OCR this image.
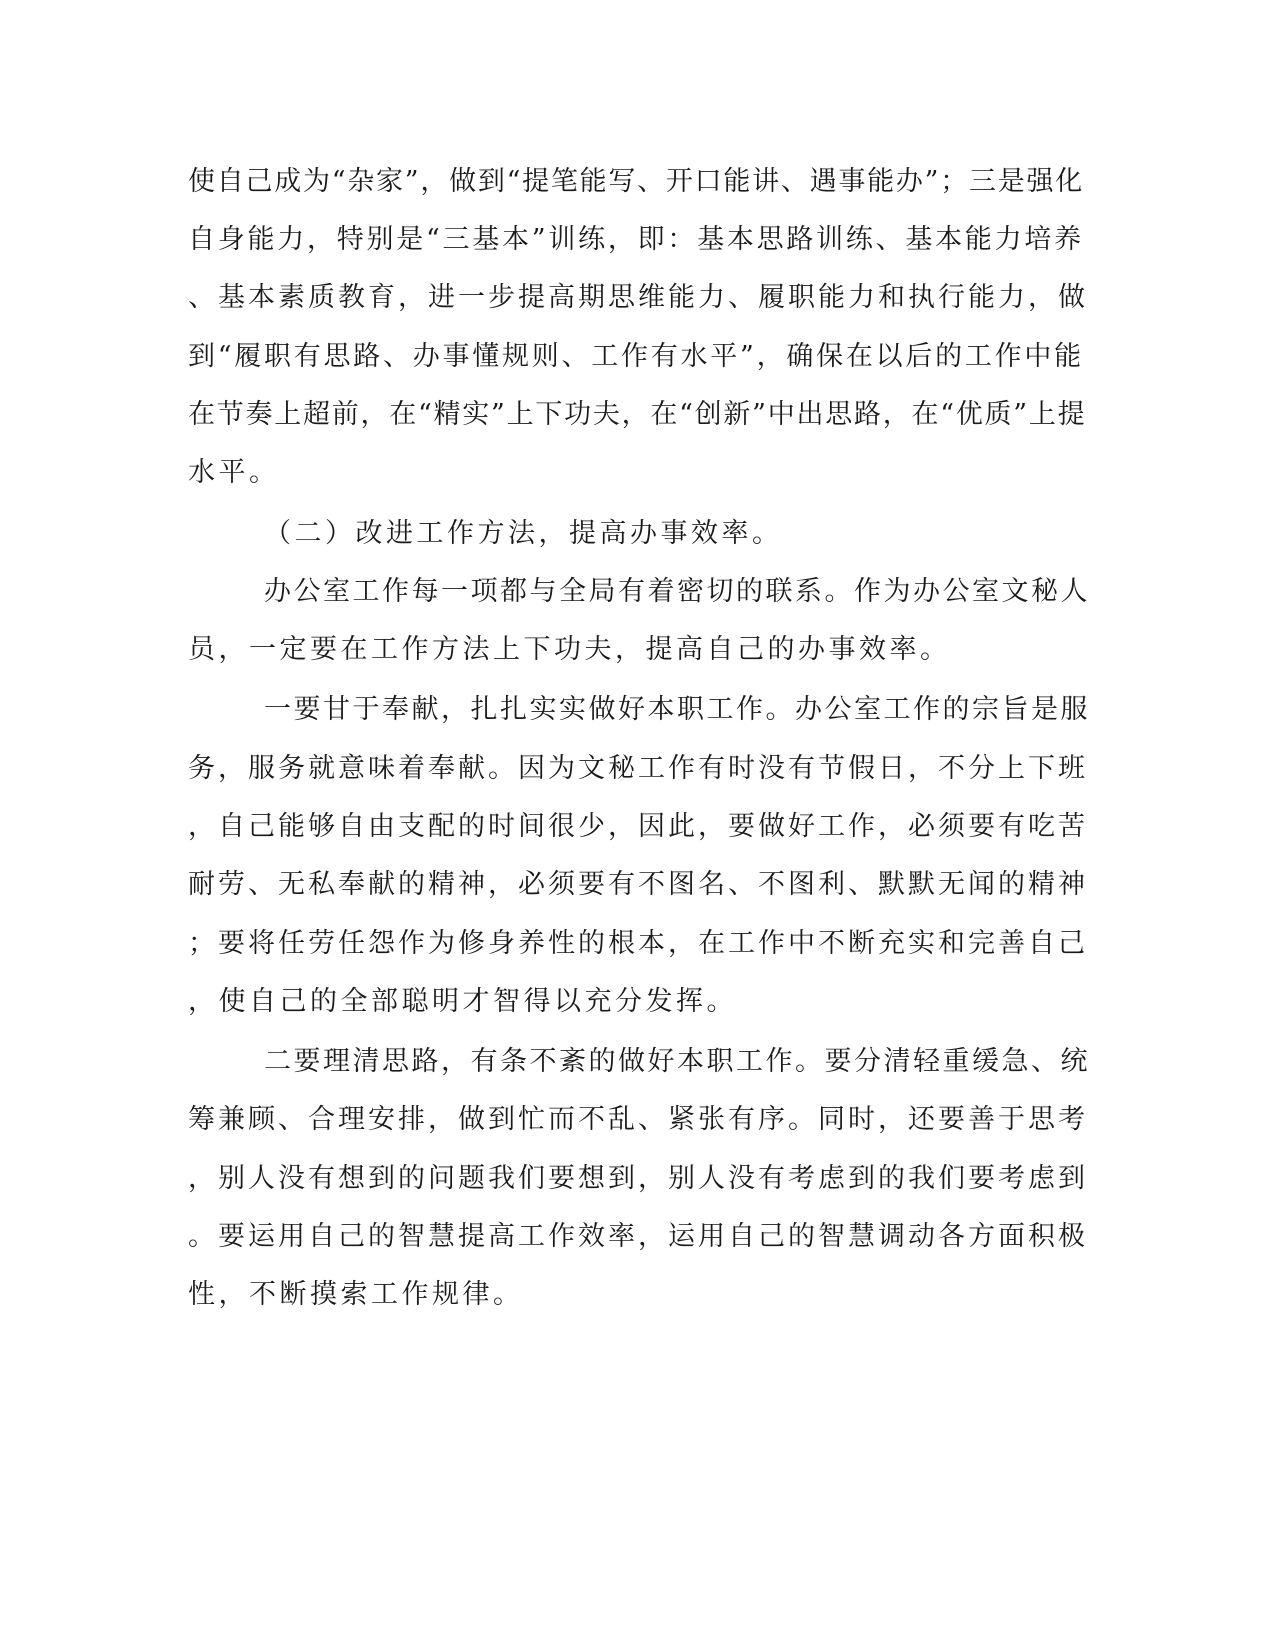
使自己成为“杂家”，做到“提笔能写、开口能讲、遇事能办”；三是强化
自身能力，特别是“三基本”训练，即：基本思路训练、基本能力培养
、基本素质教育，进一步提高期思维能力、履职能力和执行能力，做
到“履职有思路、办事懂规则、工作有水平”，确保在以后的工作中能
在节奏上超前，在“精实”上下功夫，在“创新”中出思路，在“优质”上提
水平。
（二）改进工作方法，提高办事效率。
办公室工作每一项都与全局有着密切的联系。作为办公室文秘人
员，一定要在工作方法上下功夫，提高自己的办事效率。
一要甘于奉献，扎扎实实做好本职工作。办公室工作的宗旨是服
务，服务就意味着奉献。因为文秘工作有时没有节假日，不分上下班
，自己能够自由支配的时间很少，因此，要做好工作，必须要有吃苦
耐劳、无私奉献的精神，必须要有不图名、不图利、默默无闻的精神
；要将任劳任怨作为修身养性的根本，在工作中不断充实和完善自己
，使自己的全部聪明才智得以充分发挥。
二要理清思路，有条不紊的做好本职工作。要分清轻重缓急、统
筹兼顾、合理安排，做到忙而不乱、紧张有序。同时，还要善于思考
，别人没有想到的问题我们要想到，别人没有考虑到的我们要考虑到
。要运用自己的智慧提高工作效率，运用自己的智慧调动各方面积极
性，不断摸索工作规律。
